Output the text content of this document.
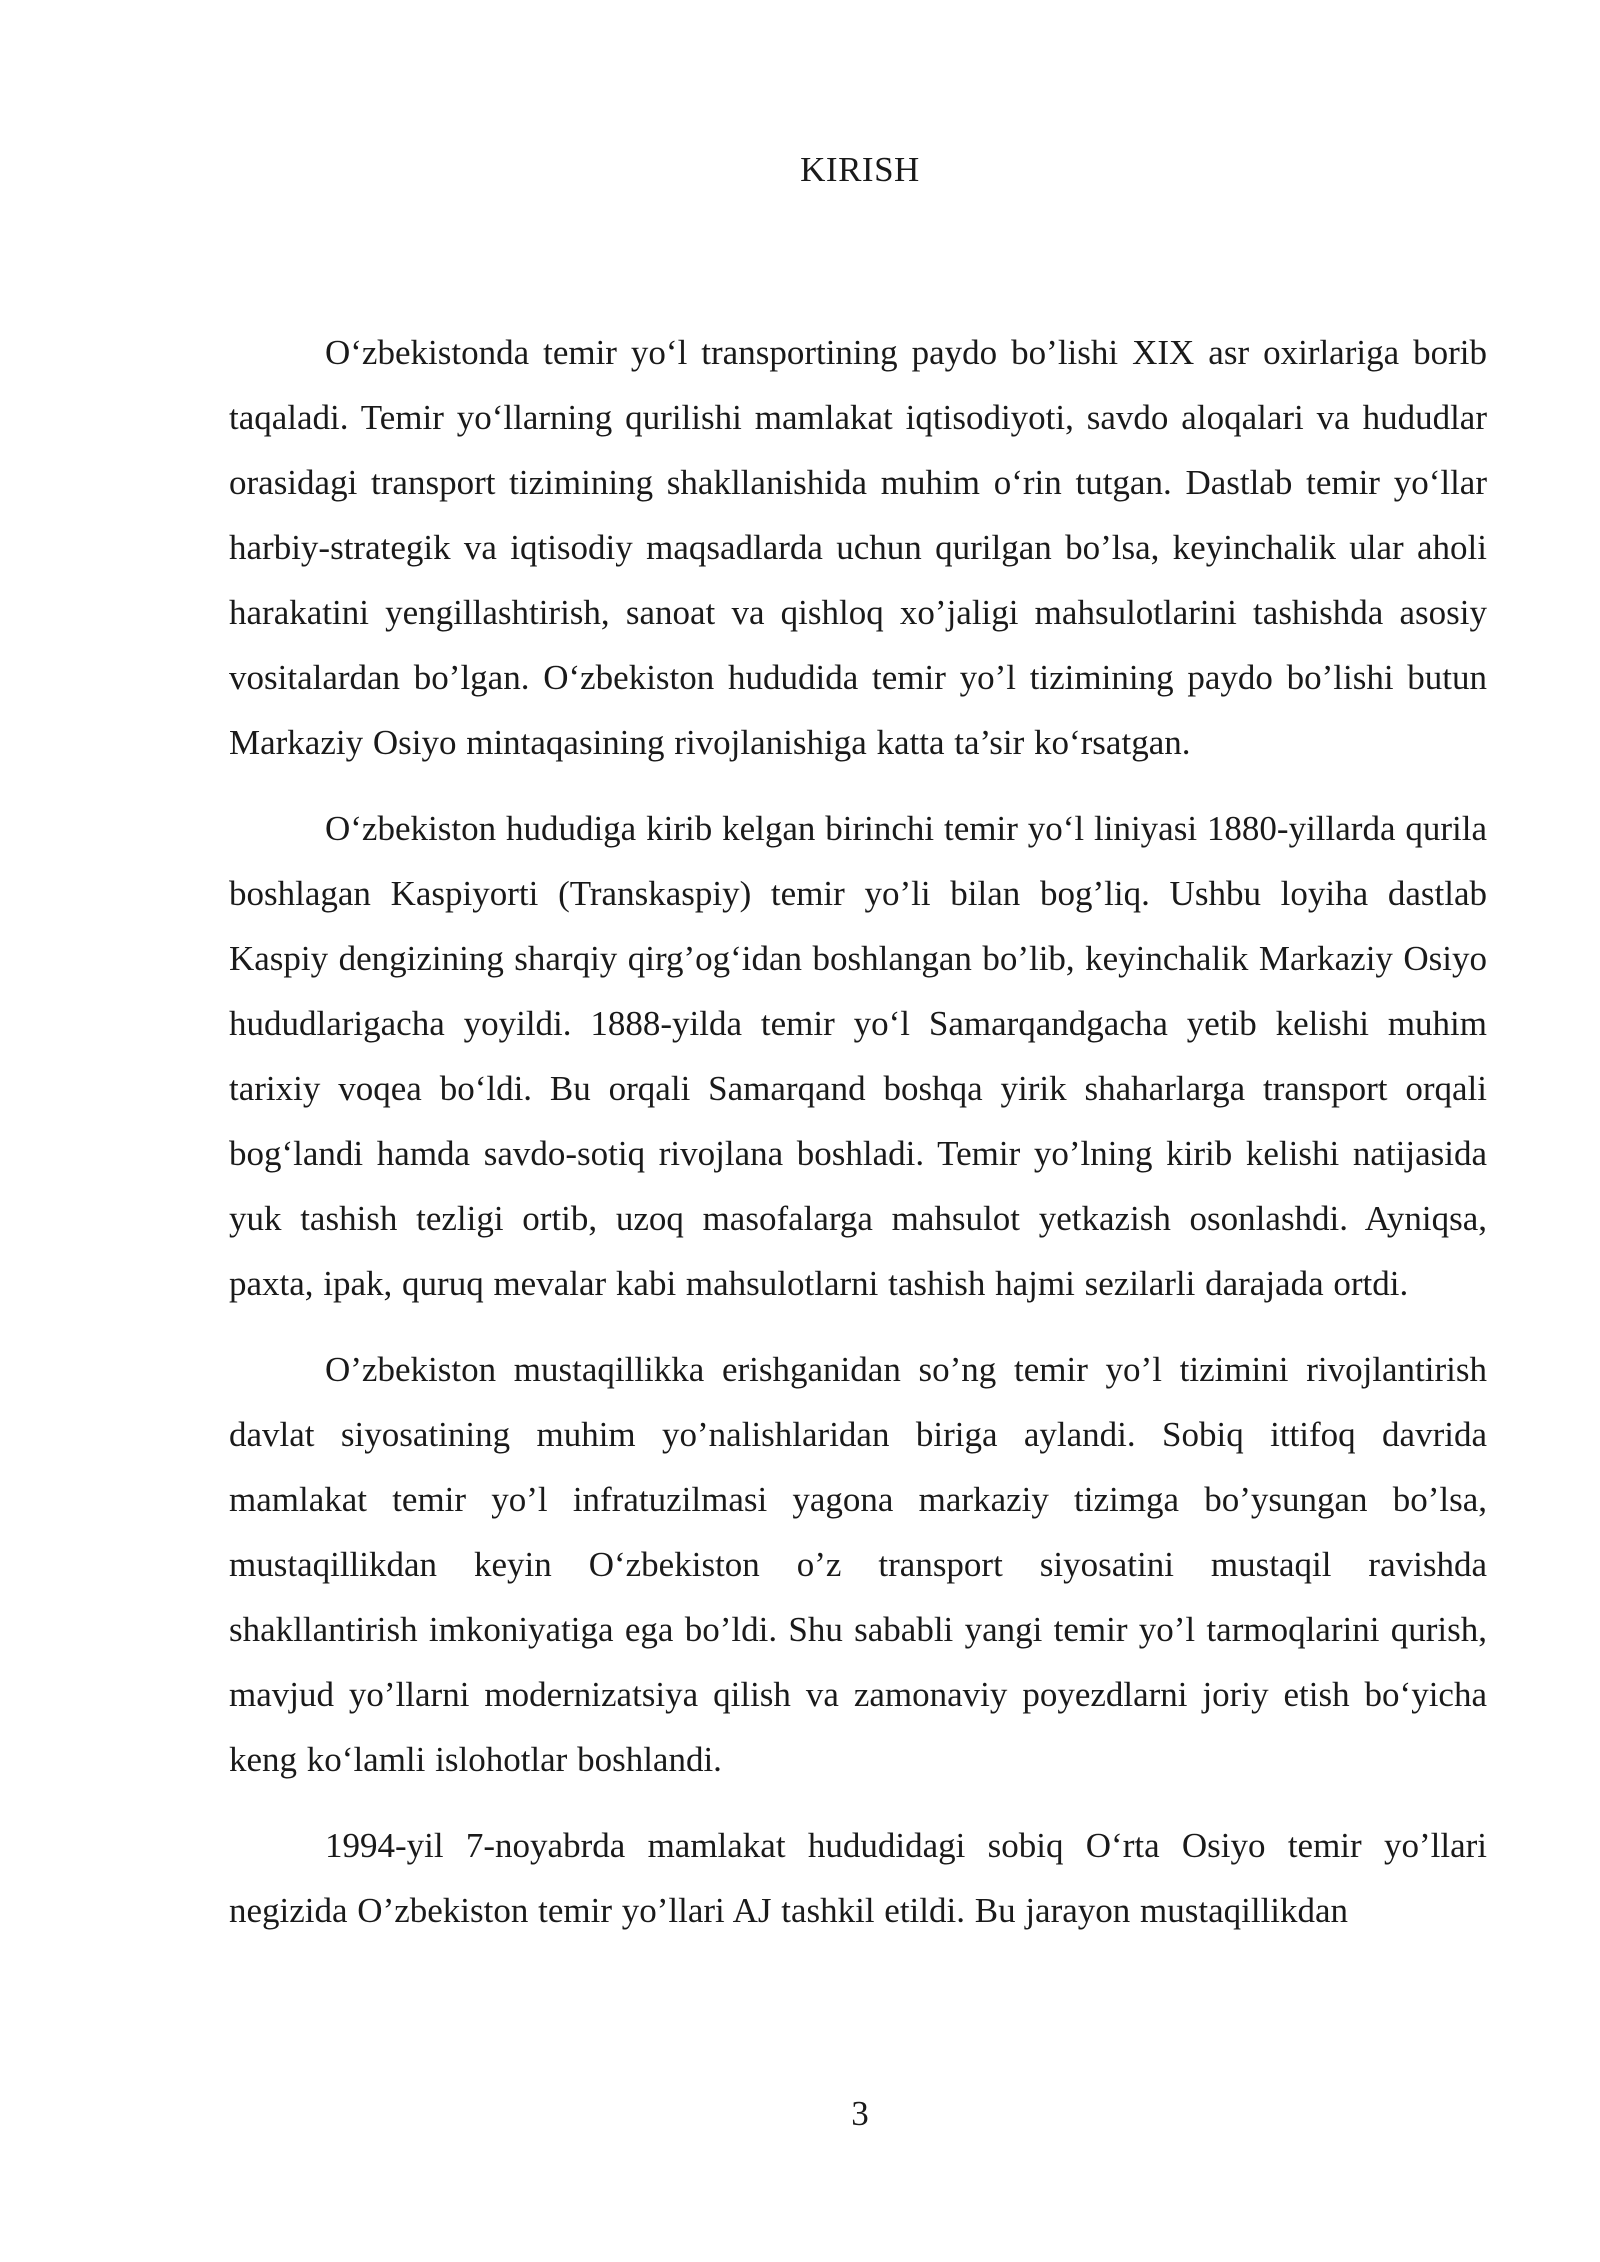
KIRISH

O‘zbekistonda temir yo‘l transportining paydo bo’lishi XIX asr oxirlariga borib taqaladi. Temir yo‘llarning qurilishi mamlakat iqtisodiyoti, savdo aloqalari va hududlar orasidagi transport tizimining shakllanishida muhim o‘rin tutgan. Dastlab temir yo‘llar harbiy-strategik va iqtisodiy maqsadlarda uchun qurilgan bo’lsa, keyinchalik ular aholi harakatini yengillashtirish, sanoat va qishloq xo’jaligi mahsulotlarini tashishda asosiy vositalardan bo’lgan. O‘zbekiston hududida temir yo’l tizimining paydo bo’lishi butun Markaziy Osiyo mintaqasining rivojlanishiga katta ta’sir ko‘rsatgan.

O‘zbekiston hududiga kirib kelgan birinchi temir yo‘l liniyasi 1880-yillarda qurila boshlagan Kaspiyorti (Transkaspiy) temir yo’li bilan bog’liq. Ushbu loyiha dastlab Kaspiy dengizining sharqiy qirg’og‘idan boshlangan bo’lib, keyinchalik Markaziy Osiyo hududlarigacha yoyildi. 1888-yilda temir yo‘l Samarqandgacha yetib kelishi muhim tarixiy voqea bo‘ldi. Bu orqali Samarqand boshqa yirik shaharlarga transport orqali bog‘landi hamda savdo-sotiq rivojlana boshladi. Temir yo’lning kirib kelishi natijasida yuk tashish tezligi ortib, uzoq masofalarga mahsulot yetkazish osonlashdi. Ayniqsa, paxta, ipak, quruq mevalar kabi mahsulotlarni tashish hajmi sezilarli darajada ortdi.

O’zbekiston mustaqillikka erishganidan so’ng temir yo’l tizimini rivojlantirish davlat siyosatining muhim yo’nalishlaridan biriga aylandi. Sobiq ittifoq davrida mamlakat temir yo’l infratuzilmasi yagona markaziy tizimga bo’ysungan bo’lsa, mustaqillikdan keyin O‘zbekiston o’z transport siyosatini mustaqil ravishda shakllantirish imkoniyatiga ega bo’ldi. Shu sababli yangi temir yo’l tarmoqlarini qurish, mavjud yo’llarni modernizatsiya qilish va zamonaviy poyezdlarni joriy etish bo‘yicha keng ko‘lamli islohotlar boshlandi.

1994-yil 7-noyabrda mamlakat hududidagi sobiq O‘rta Osiyo temir yo’llari negizida O’zbekiston temir yo’llari AJ tashkil etildi. Bu jarayon mustaqillikdan

3
